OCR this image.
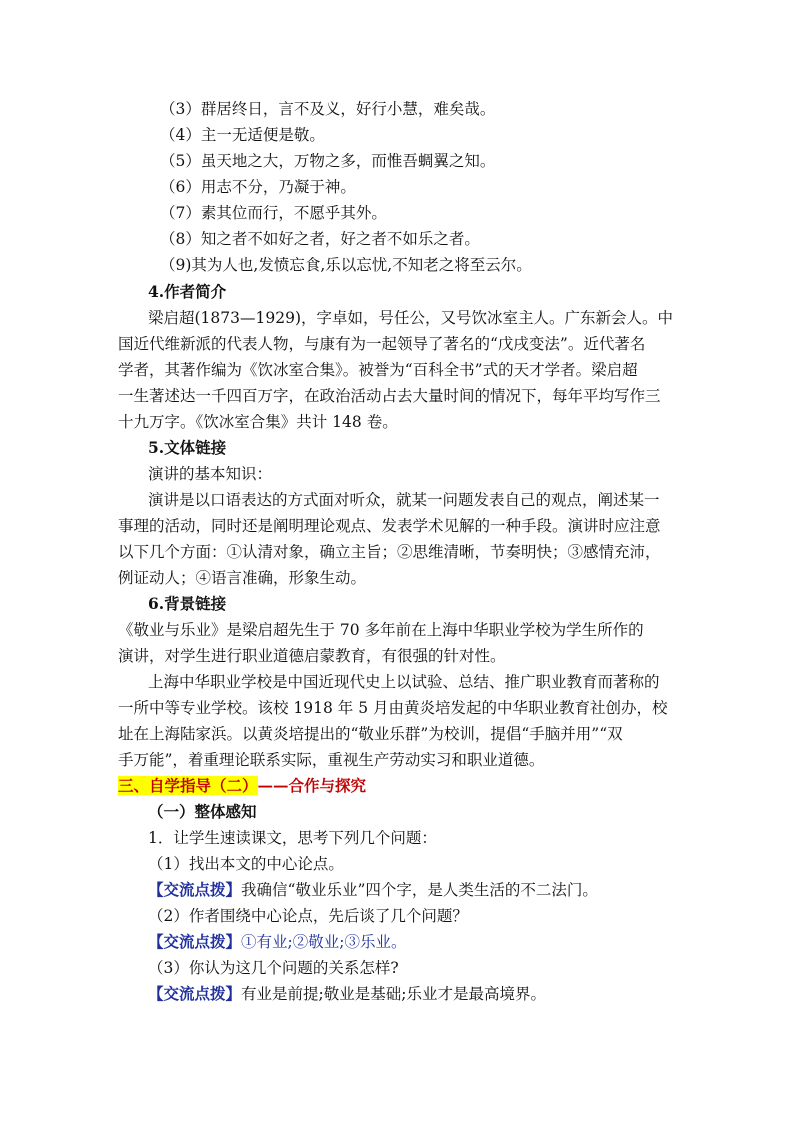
（3）群居终日，言不及义，好行小慧，难矣哉。
（4）主一无适便是敬。
（5）虽天地之大，万物之多，而惟吾蜩翼之知。
（6）用志不分，乃凝于神。
（7）素其位而行，不愿乎其外。
（8）知之者不如好之者，好之者不如乐之者。
（9)其为人也,发愤忘食,乐以忘忧,不知老之将至云尔。
4.作者简介
梁启超(1873—1929)，字卓如，号任公，又号饮冰室主人。广东新会人。中
国近代维新派的代表人物，与康有为一起领导了著名的“戊戌变法”。近代著名
学者，其著作编为《饮冰室合集》。被誉为“百科全书”式的天才学者。梁启超
一生著述达一千四百万字，在政治活动占去大量时间的情况下，每年平均写作三
十九万字。《饮冰室合集》共计 148 卷。
5.文体链接
演讲的基本知识：
演讲是以口语表达的方式面对听众，就某一问题发表自己的观点，阐述某一
事理的活动，同时还是阐明理论观点、发表学术见解的一种手段。演讲时应注意
以下几个方面：①认清对象，确立主旨；②思维清晰，节奏明快；③感情充沛，
例证动人；④语言准确，形象生动。
6.背景链接
《敬业与乐业》是梁启超先生于 70 多年前在上海中华职业学校为学生所作的
演讲，对学生进行职业道德启蒙教育，有很强的针对性。
上海中华职业学校是中国近现代史上以试验、总结、推广职业教育而著称的
一所中等专业学校。该校 1918 年 5 月由黄炎培发起的中华职业教育社创办，校
址在上海陆家浜。以黄炎培提出的“敬业乐群”为校训，提倡“手脑并用”“双
手万能”，着重理论联系实际，重视生产劳动实习和职业道德。
三、自学指导（二）——合作与探究
（一）整体感知
1．让学生速读课文，思考下列几个问题：
（1）找出本文的中心论点。
【交流点拨】我确信“敬业乐业”四个字，是人类生活的不二法门。
（2）作者围绕中心论点，先后谈了几个问题？
【交流点拨】①有业;②敬业;③乐业。
（3）你认为这几个问题的关系怎样?
【交流点拨】有业是前提;敬业是基础;乐业才是最高境界。
